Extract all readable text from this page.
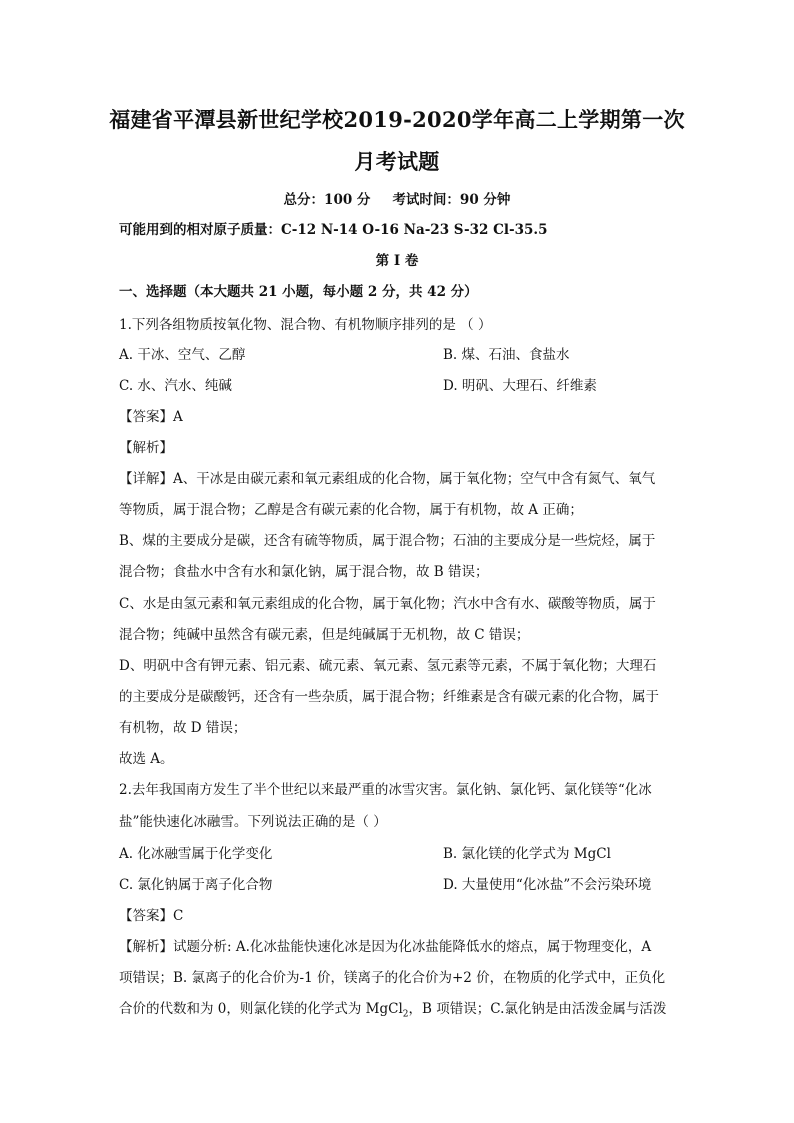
福建省平潭县新世纪学校2019-2020学年高二上学期第一次
月考试题
总分：100 分 考试时间：90 分钟
可能用到的相对原子质量：C-12 N-14 O-16 Na-23 S-32 Cl-35.5
第 I 卷
一、选择题（本大题共 21 小题，每小题 2 分，共 42 分）
1.下列各组物质按氧化物、混合物、有机物顺序排列的是 （ ）
A. 干冰、空气、乙醇	B. 煤、石油、食盐水
C. 水、汽水、纯碱	D. 明矾、大理石、纤维素
【答案】A
【解析】
【详解】A、干冰是由碳元素和氧元素组成的化合物，属于氧化物；空气中含有氮气、氧气
等物质，属于混合物；乙醇是含有碳元素的化合物，属于有机物，故 A 正确；
B、煤的主要成分是碳，还含有硫等物质，属于混合物；石油的主要成分是一些烷烃，属于
混合物；食盐水中含有水和氯化钠，属于混合物，故 B 错误；
C、水是由氢元素和氧元素组成的化合物，属于氧化物；汽水中含有水、碳酸等物质，属于
混合物；纯碱中虽然含有碳元素，但是纯碱属于无机物，故 C 错误；
D、明矾中含有钾元素、铝元素、硫元素、氧元素、氢元素等元素，不属于氧化物；大理石
的主要成分是碳酸钙，还含有一些杂质，属于混合物；纤维素是含有碳元素的化合物，属于
有机物，故 D 错误；
故选 A。
2.去年我国南方发生了半个世纪以来最严重的冰雪灾害。氯化钠、氯化钙、氯化镁等“化冰
盐”能快速化冰融雪。下列说法正确的是（ ）
A. 化冰融雪属于化学变化	B. 氯化镁的化学式为 MgCl
C. 氯化钠属于离子化合物	D. 大量使用“化冰盐”不会污染环境
【答案】C
【解析】试题分析: A.化冰盐能快速化冰是因为化冰盐能降低水的熔点，属于物理变化，A
项错误；B. 氯离子的化合价为-1 价，镁离子的化合价为+2 价，在物质的化学式中，正负化
合价的代数和为 0，则氯化镁的化学式为 MgCl$_2$，B 项错误；C.氯化钠是由活泼金属与活泼
